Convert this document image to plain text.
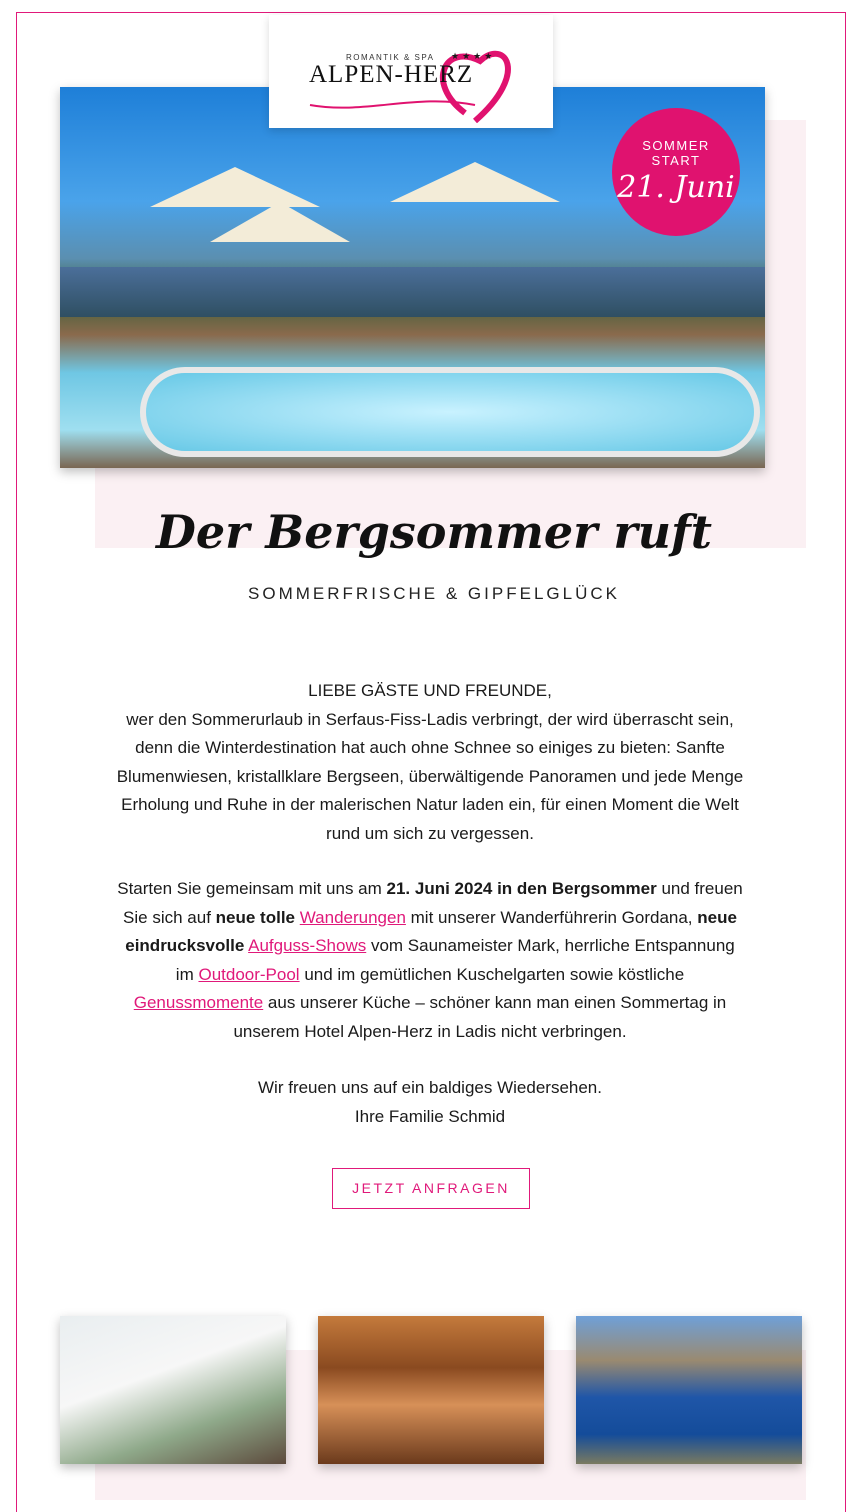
ROMANTIK & SPA ★★★★
ALPEN-HERZ
SOMMER
START
21. Juni
Der Bergsommer ruft
SOMMERFRISCHE & GIPFELGLÜCK
LIEBE GÄSTE UND FREUNDE,
wer den Sommerurlaub in Serfaus-Fiss-Ladis verbringt, der wird überrascht sein, denn die Winterdestination hat auch ohne Schnee so einiges zu bieten: Sanfte Blumenwiesen, kristallklare Bergseen, überwältigende Panoramen und jede Menge Erholung und Ruhe in der malerischen Natur laden ein, für einen Moment die Welt rund um sich zu vergessen.
Starten Sie gemeinsam mit uns am 21. Juni 2024 in den Bergsommer und freuen Sie sich auf neue tolle Wanderungen mit unserer Wanderführerin Gordana, neue eindrucksvolle Aufguss-Shows vom Saunameister Mark, herrliche Entspannung im Outdoor-Pool und im gemütlichen Kuschelgarten sowie köstliche Genussmomente aus unserer Küche – schöner kann man einen Sommertag in unserem Hotel Alpen-Herz in Ladis nicht verbringen.
Wir freuen uns auf ein baldiges Wiedersehen.
Ihre Familie Schmid
JETZT ANFRAGEN
